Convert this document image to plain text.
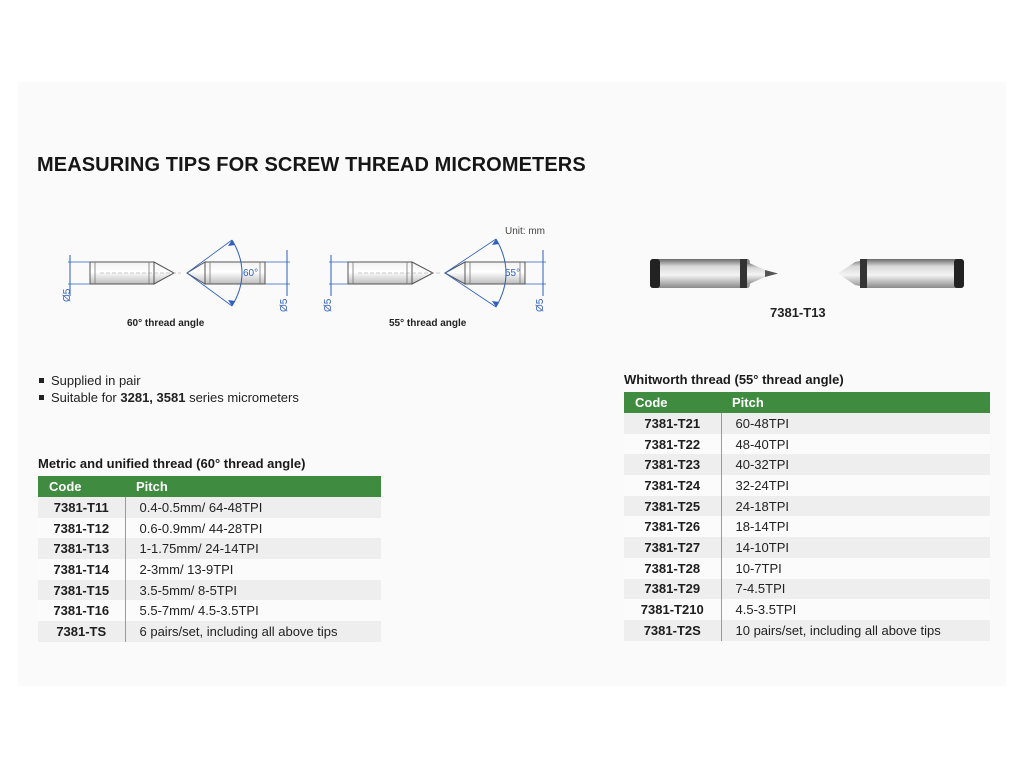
MEASURING TIPS FOR SCREW THREAD MICROMETERS
Unit: mm
60° thread angle	55° thread angle
60°	55°
Ø5
Ø5	Ø5	Ø5	7381-T13
Supplied in pair
Suitable for 3281, 3581 series micrometers
Metric and unified thread (60° thread angle)
Code	Pitch
7381-T11	0.4-0.5mm/ 64-48TPI
7381-T12	0.6-0.9mm/ 44-28TPI
7381-T13	1-1.75mm/ 24-14TPI
7381-T14	2-3mm/ 13-9TPI
7381-T15	3.5-5mm/ 8-5TPI
7381-T16	5.5-7mm/ 4.5-3.5TPI
7381-TS	6 pairs/set, including all above tips
Whitworth thread (55° thread angle)
Code	Pitch
7381-T21	60-48TPI
7381-T22	48-40TPI
7381-T23	40-32TPI
7381-T24	32-24TPI
7381-T25	24-18TPI
7381-T26	18-14TPI
7381-T27	14-10TPI
7381-T28	10-7TPI
7381-T29	7-4.5TPI
7381-T210	4.5-3.5TPI
7381-T2S	10 pairs/set, including all above tips
